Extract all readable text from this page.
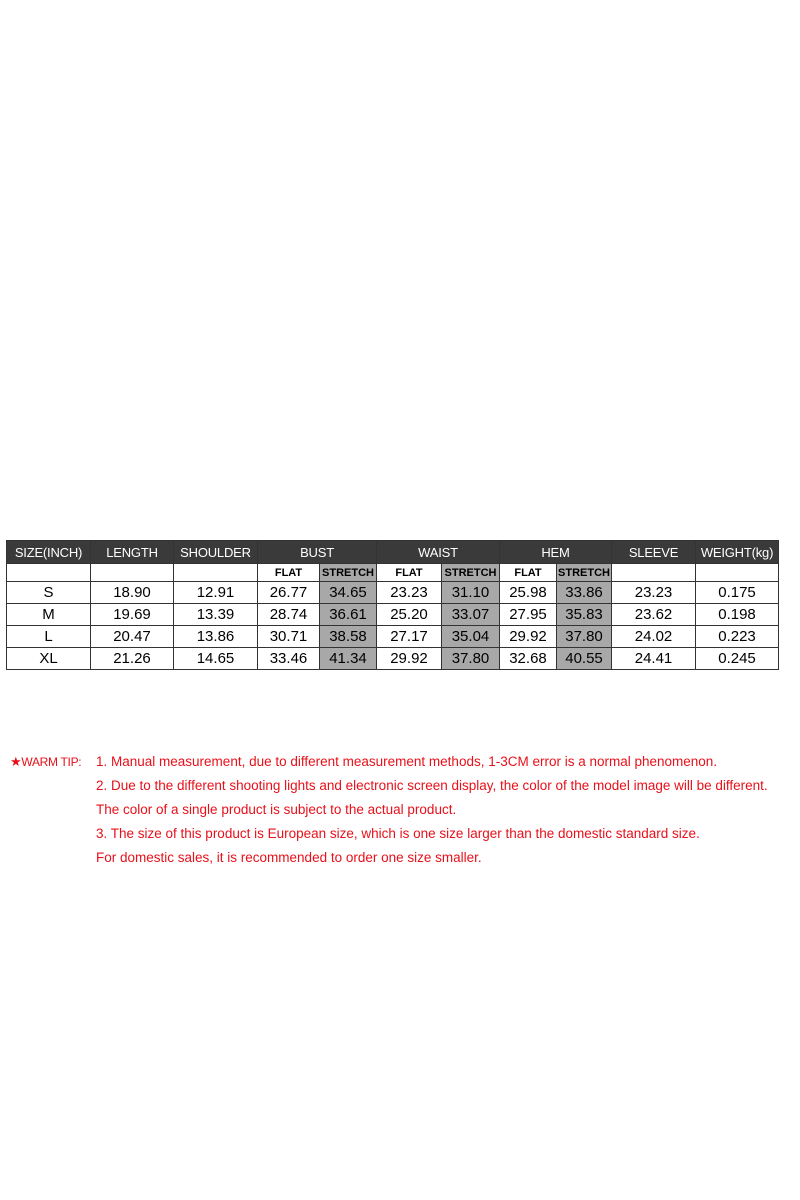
SIZE(INCH)	LENGTH	SHOULDER	BUST		WAIST		HEM		SLEEVE	WEIGHT(kg)
			FLAT	STRETCH	FLAT	STRETCH	FLAT	STRETCH		
S	18.90	12.91	26.77	34.65	23.23	31.10	25.98	33.86	23.23	0.175
M	19.69	13.39	28.74	36.61	25.20	33.07	27.95	35.83	23.62	0.198
L	20.47	13.86	30.71	38.58	27.17	35.04	29.92	37.80	24.02	0.223
XL	21.26	14.65	33.46	41.34	29.92	37.80	32.68	40.55	24.41	0.245
★WARM TIP: 1. Manual measurement, due to different measurement methods, 1-3CM error is a normal phenomenon.
2. Due to the different shooting lights and electronic screen display, the color of the model image will be different.
The color of a single product is subject to the actual product.
3. The size of this product is European size, which is one size larger than the domestic standard size.
For domestic sales, it is recommended to order one size smaller.
